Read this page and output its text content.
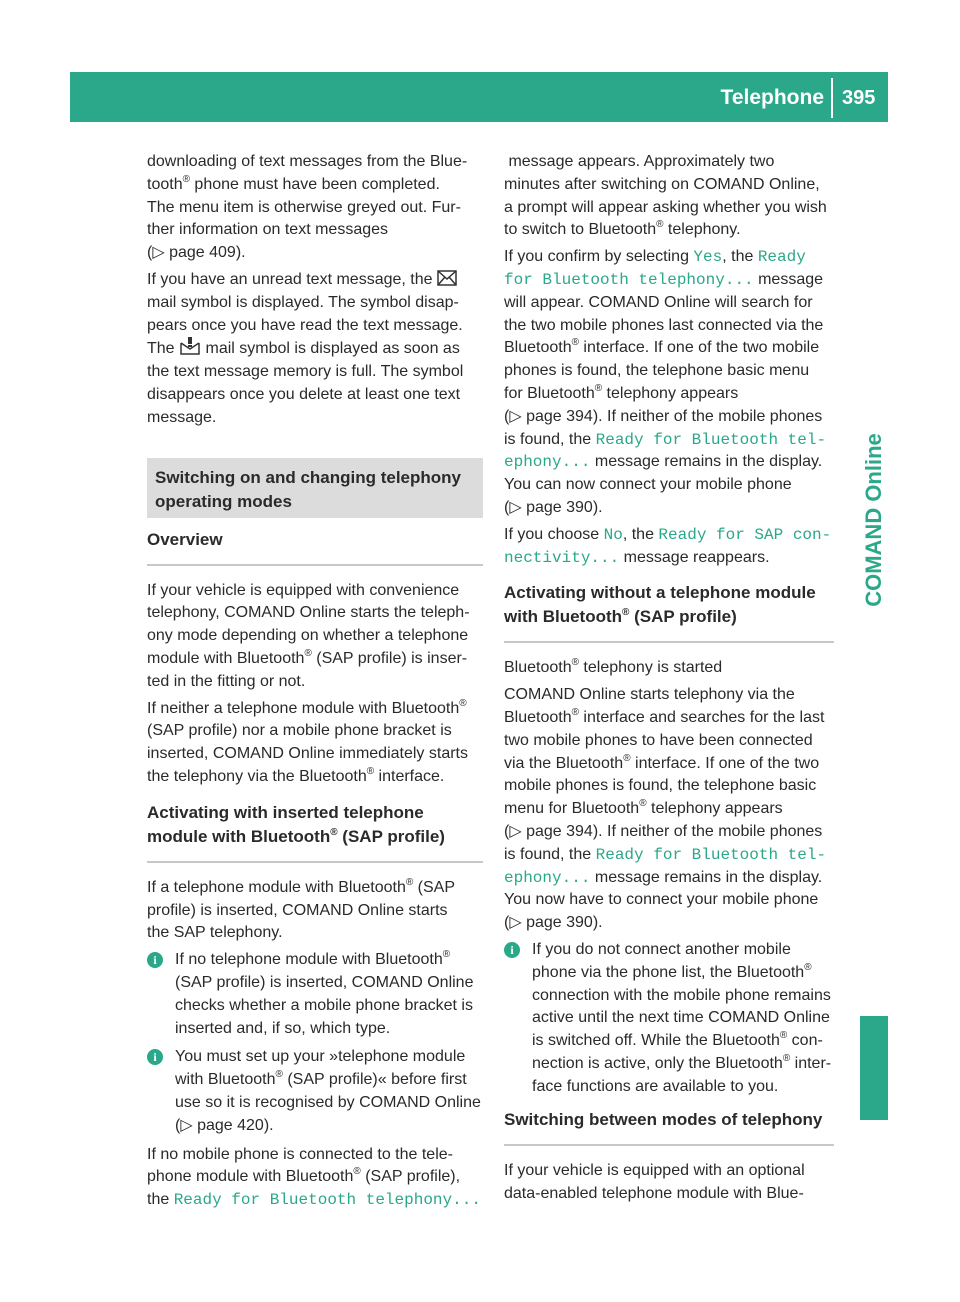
Telephone 395
COMAND Online
downloading of text messages from the Blue-
tooth® phone must have been completed.
The menu item is otherwise greyed out. Fur-
ther information on text messages
(▷ page 409).
If you have an unread text message, the
mail symbol is displayed. The symbol disap-
pears once you have read the text message.
The mail symbol is displayed as soon as
the text message memory is full. The symbol
disappears once you delete at least one text
message.
Switching on and changing telephony
operating modes
Overview
If your vehicle is equipped with convenience
telephony, COMAND Online starts the teleph-
ony mode depending on whether a telephone
module with Bluetooth® (SAP profile) is inser-
ted in the fitting or not.
If neither a telephone module with Bluetooth®
(SAP profile) nor a mobile phone bracket is
inserted, COMAND Online immediately starts
the telephony via the Bluetooth® interface.
Activating with inserted telephone
module with Bluetooth® (SAP profile)
If a telephone module with Bluetooth® (SAP
profile) is inserted, COMAND Online starts
the SAP telephony.
i	If no telephone module with Bluetooth®
(SAP profile) is inserted, COMAND Online
checks whether a mobile phone bracket is
inserted and, if so, which type.
i	You must set up your »telephone module
with Bluetooth® (SAP profile)« before first
use so it is recognised by COMAND Online
(▷ page 420).
If no mobile phone is connected to the tele-
phone module with Bluetooth® (SAP profile),
the Ready for Bluetooth telephony...
message appears. Approximately two
minutes after switching on COMAND Online,
a prompt will appear asking whether you wish
to switch to Bluetooth® telephony.
If you confirm by selecting Yes, the Ready
for Bluetooth telephony... message
will appear. COMAND Online will search for
the two mobile phones last connected via the
Bluetooth® interface. If one of the two mobile
phones is found, the telephone basic menu
for Bluetooth® telephony appears
(▷ page 394). If neither of the mobile phones
is found, the Ready for Bluetooth tel‐
ephony... message remains in the display.
You can now connect your mobile phone
(▷ page 390).
If you choose No, the Ready for SAP con‐
nectivity... message reappears.
Activating without a telephone module
with Bluetooth® (SAP profile)
Bluetooth® telephony is started
COMAND Online starts telephony via the
Bluetooth® interface and searches for the last
two mobile phones to have been connected
via the Bluetooth® interface. If one of the two
mobile phones is found, the telephone basic
menu for Bluetooth® telephony appears
(▷ page 394). If neither of the mobile phones
is found, the Ready for Bluetooth tel‐
ephony... message remains in the display.
You now have to connect your mobile phone
(▷ page 390).
i	If you do not connect another mobile
phone via the phone list, the Bluetooth®
connection with the mobile phone remains
active until the next time COMAND Online
is switched off. While the Bluetooth® con-
nection is active, only the Bluetooth® inter-
face functions are available to you.
Switching between modes of telephony
If your vehicle is equipped with an optional
data-enabled telephone module with Blue-
